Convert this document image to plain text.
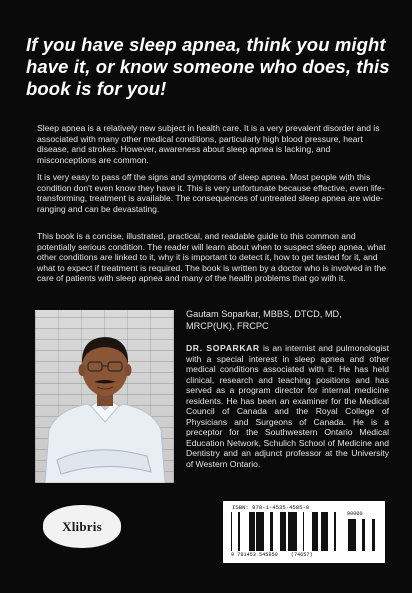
If you have sleep apnea, think you might have it, or know someone who does, this book is for you!

Sleep apnea is a relatively new subject in health care. It is a very prevalent disorder and is associated with many other medical conditions, particularly high blood pressure, heart disease, and strokes. However, awareness about sleep apnea is lacking, and misconceptions are common.

It is very easy to pass off the signs and symptoms of sleep apnea. Most people with this condition don't even know they have it. This is very unfortunate because effective, even life-transforming, treatment is available. The consequences of untreated sleep apnea are wide-ranging and can be devastating.

This book is a concise, illustrated, practical, and readable guide to this common and potentially serious condition. The reader will learn about when to suspect sleep apnea, what other conditions are linked to it, why it is important to detect it, how to get tested for it, and what to expect if treatment is required. The book is written by a doctor who is involved in the care of patients with sleep apnea and many of the health problems that go with it.

Gautam Soparkar, MBBS, DTCD, MD, MRCP(UK), FRCPC

DR. SOPARKAR is an internist and pulmonologist with a special interest in sleep apnea and other medical conditions associated with it. He has held clinical, research and teaching positions and has served as a program director for internal medicine residents. He has been an examiner for the Medical Council of Canada and the Royal College of Physicians and Surgeons of Canada. He is a preceptor for the Southwestern Ontario Medical Education Network, Schulich School of Medicine and Dentistry and an adjunct professor at the University of Western Ontario.

Xlibris
ISBN: 978-1-4535-4585-0
90000
9 781453 545850	(74657)
